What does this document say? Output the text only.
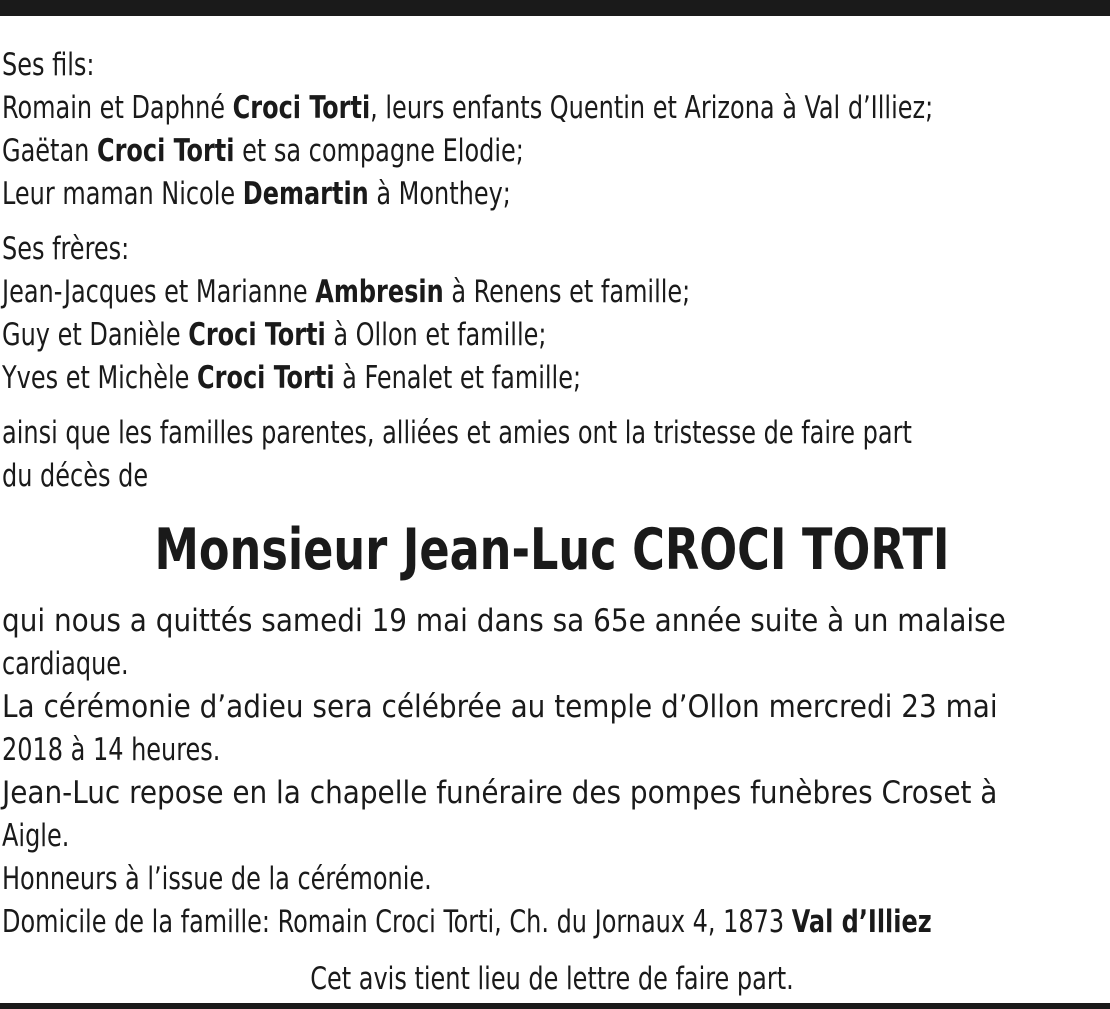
Ses fils:
Romain et Daphné Croci Torti, leurs enfants Quentin et Arizona à Val d’Illiez;
Gaëtan Croci Torti et sa compagne Elodie;
Leur maman Nicole Demartin à Monthey;
Ses frères:
Jean-Jacques et Marianne Ambresin à Renens et famille;
Guy et Danièle Croci Torti à Ollon et famille;
Yves et Michèle Croci Torti à Fenalet et famille;
ainsi que les familles parentes, alliées et amies ont la tristesse de faire part
du décès de
Monsieur Jean-Luc CROCI TORTI
qui nous a quittés samedi 19 mai dans sa 65e année suite à un malaise
cardiaque.
La cérémonie d’adieu sera célébrée au temple d’Ollon mercredi 23 mai
2018 à 14 heures.
Jean-Luc repose en la chapelle funéraire des pompes funèbres Croset à
Aigle.
Honneurs à l’issue de la cérémonie.
Domicile de la famille: Romain Croci Torti, Ch. du Jornaux 4, 1873 Val d’Illiez
Cet avis tient lieu de lettre de faire part.
